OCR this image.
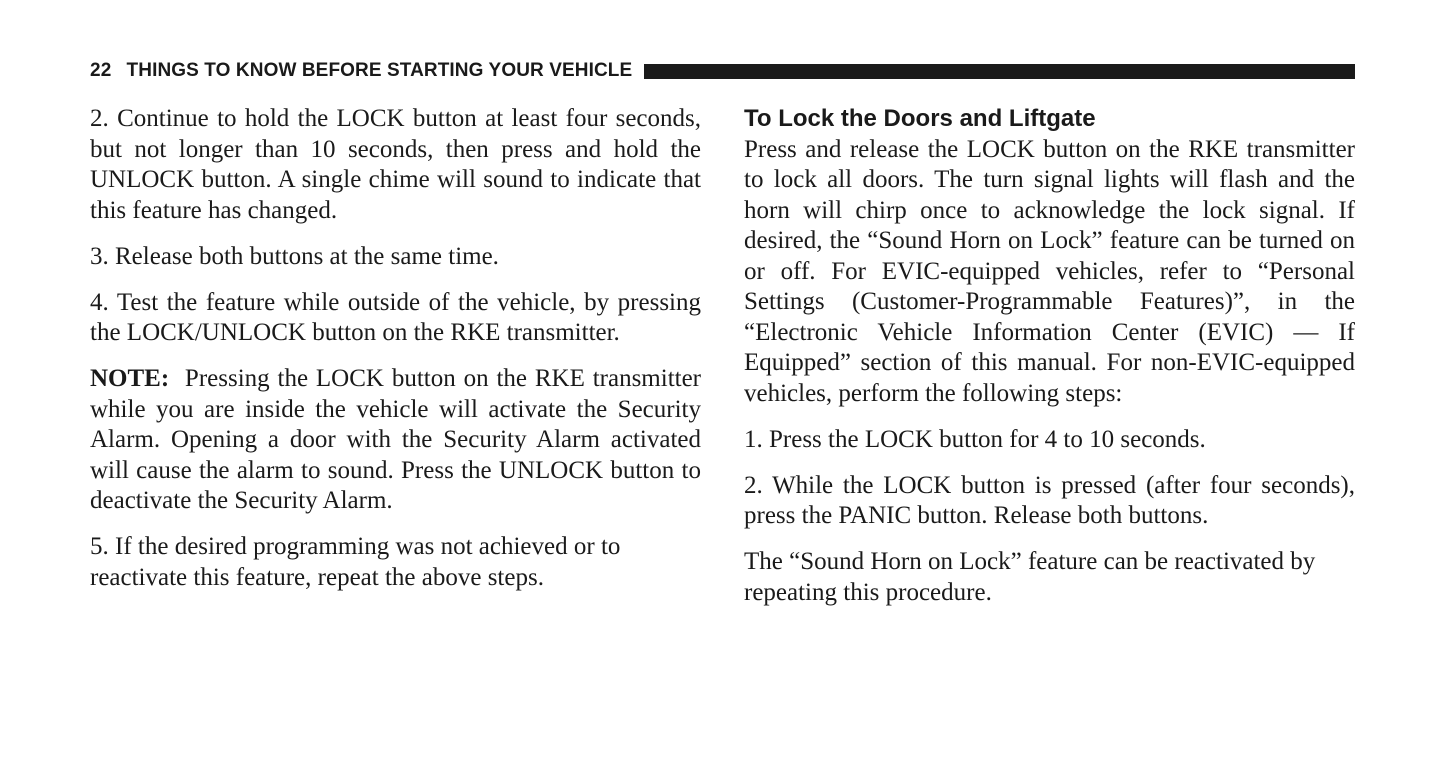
22 THINGS TO KNOW BEFORE STARTING YOUR VEHICLE

2. Continue to hold the LOCK button at least four seconds, but not longer than 10 seconds, then press and hold the UNLOCK button. A single chime will sound to indicate that this feature has changed.

3. Release both buttons at the same time.

4. Test the feature while outside of the vehicle, by pressing the LOCK/UNLOCK button on the RKE transmitter.

NOTE: Pressing the LOCK button on the RKE transmitter while you are inside the vehicle will activate the Security Alarm. Opening a door with the Security Alarm activated will cause the alarm to sound. Press the UNLOCK button to deactivate the Security Alarm.

5. If the desired programming was not achieved or to reactivate this feature, repeat the above steps.

To Lock the Doors and Liftgate

Press and release the LOCK button on the RKE transmitter to lock all doors. The turn signal lights will flash and the horn will chirp once to acknowledge the lock signal. If desired, the “Sound Horn on Lock” feature can be turned on or off. For EVIC-equipped vehicles, refer to “Personal Settings (Customer-Programmable Features)”, in the “Electronic Vehicle Information Center (EVIC) — If Equipped” section of this manual. For non-EVIC-equipped vehicles, perform the following steps:

1. Press the LOCK button for 4 to 10 seconds.

2. While the LOCK button is pressed (after four seconds), press the PANIC button. Release both buttons.

The “Sound Horn on Lock” feature can be reactivated by repeating this procedure.
